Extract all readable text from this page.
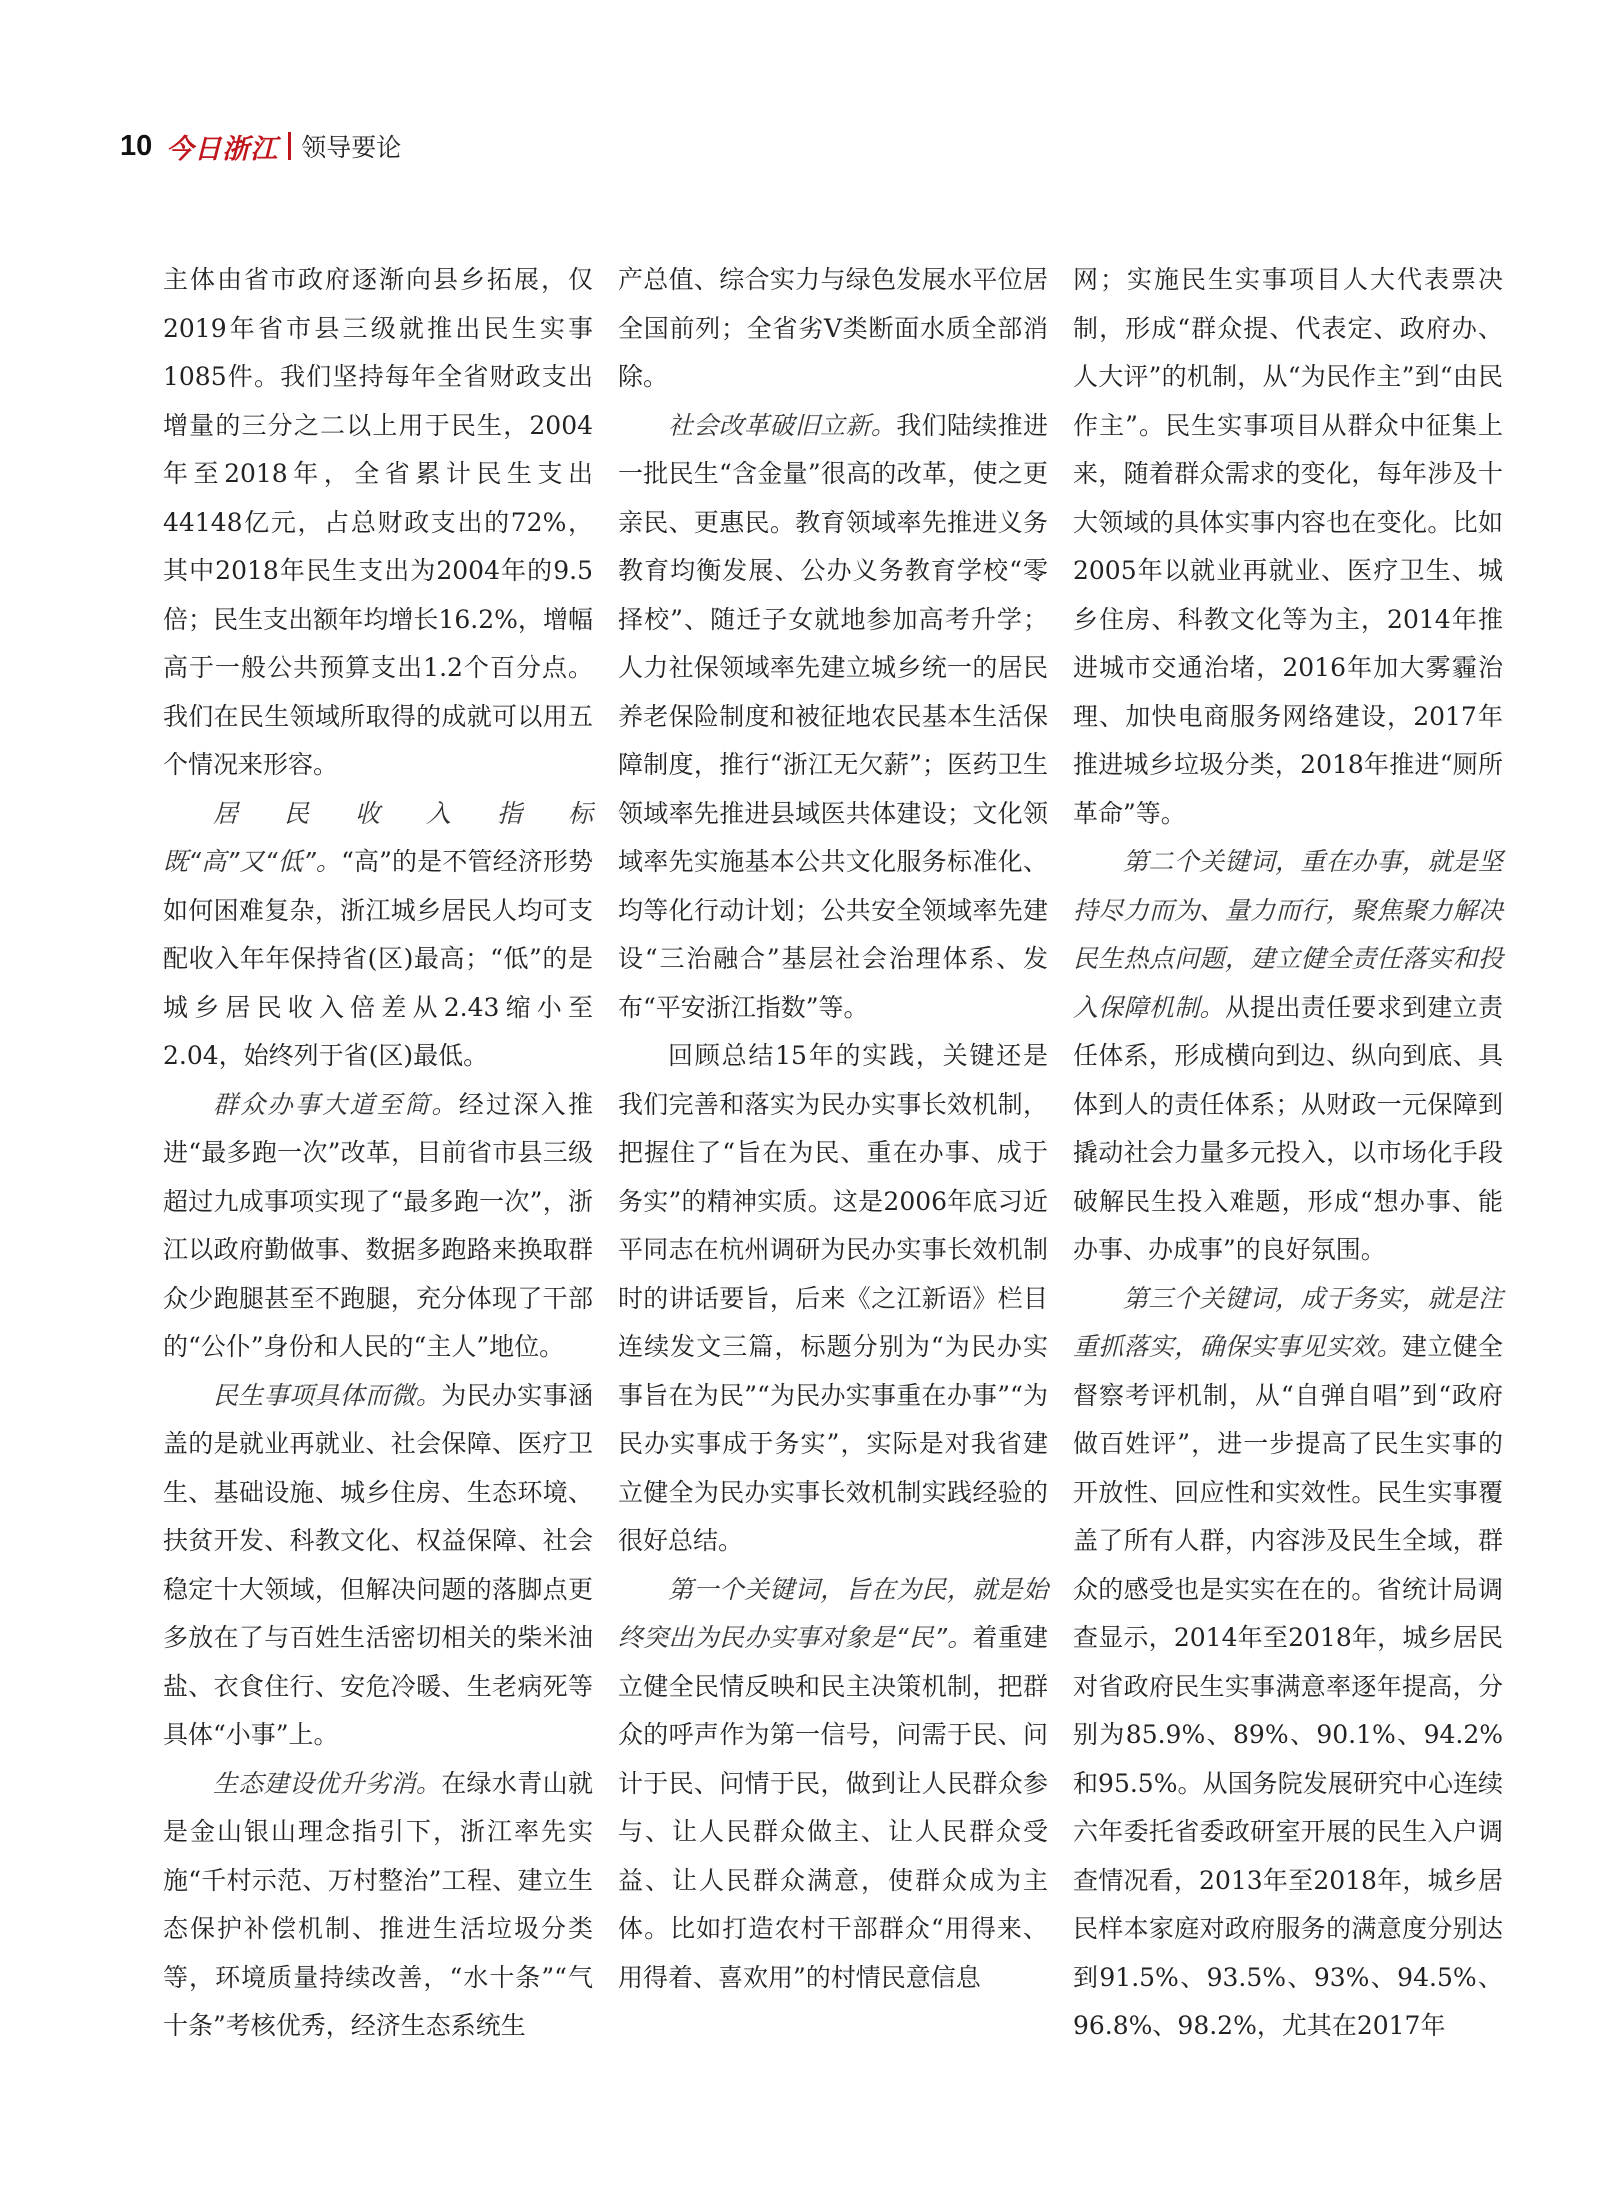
10 今日浙江 领导要论

主体由省市政府逐渐向县乡拓展，仅2019年省市县三级就推出民生实事1085件。我们坚持每年全省财政支出增量的三分之二以上用于民生，2004年至2018年，全省累计民生支出44148亿元，占总财政支出的72%，其中2018年民生支出为2004年的9.5倍；民生支出额年均增长16.2%，增幅高于一般公共预算支出1.2个百分点。我们在民生领域所取得的成就可以用五个情况来形容。

居民收入指标既“高”又“低”。“高”的是不管经济形势如何困难复杂，浙江城乡居民人均可支配收入年年保持省(区)最高；“低”的是城乡居民收入倍差从2.43缩小至2.04，始终列于省(区)最低。

群众办事大道至简。经过深入推进“最多跑一次”改革，目前省市县三级超过九成事项实现了“最多跑一次”，浙江以政府勤做事、数据多跑路来换取群众少跑腿甚至不跑腿，充分体现了干部的“公仆”身份和人民的“主人”地位。

民生事项具体而微。为民办实事涵盖的是就业再就业、社会保障、医疗卫生、基础设施、城乡住房、生态环境、扶贫开发、科教文化、权益保障、社会稳定十大领域，但解决问题的落脚点更多放在了与百姓生活密切相关的柴米油盐、衣食住行、安危冷暖、生老病死等具体“小事”上。

生态建设优升劣消。在绿水青山就是金山银山理念指引下，浙江率先实施“千村示范、万村整治”工程、建立生态保护补偿机制、推进生活垃圾分类等，环境质量持续改善，“水十条”“气十条”考核优秀，经济生态系统生

产总值、综合实力与绿色发展水平位居全国前列；全省劣Ⅴ类断面水质全部消除。

社会改革破旧立新。我们陆续推进一批民生“含金量”很高的改革，使之更亲民、更惠民。教育领域率先推进义务教育均衡发展、公办义务教育学校“零择校”、随迁子女就地参加高考升学；人力社保领域率先建立城乡统一的居民养老保险制度和被征地农民基本生活保障制度，推行“浙江无欠薪”；医药卫生领域率先推进县域医共体建设；文化领域率先实施基本公共文化服务标准化、均等化行动计划；公共安全领域率先建设“三治融合”基层社会治理体系、发布“平安浙江指数”等。

回顾总结15年的实践，关键还是我们完善和落实为民办实事长效机制，把握住了“旨在为民、重在办事、成于务实”的精神实质。这是2006年底习近平同志在杭州调研为民办实事长效机制时的讲话要旨，后来《之江新语》栏目连续发文三篇，标题分别为“为民办实事旨在为民”“为民办实事重在办事”“为民办实事成于务实”，实际是对我省建立健全为民办实事长效机制实践经验的很好总结。

第一个关键词，旨在为民，就是始终突出为民办实事对象是“民”。着重建立健全民情反映和民主决策机制，把群众的呼声作为第一信号，问需于民、问计于民、问情于民，做到让人民群众参与、让人民群众做主、让人民群众受益、让人民群众满意，使群众成为主体。比如打造农村干部群众“用得来、用得着、喜欢用”的村情民意信息

网；实施民生实事项目人大代表票决制，形成“群众提、代表定、政府办、人大评”的机制，从“为民作主”到“由民作主”。民生实事项目从群众中征集上来，随着群众需求的变化，每年涉及十大领域的具体实事内容也在变化。比如2005年以就业再就业、医疗卫生、城乡住房、科教文化等为主，2014年推进城市交通治堵，2016年加大雾霾治理、加快电商服务网络建设，2017年推进城乡垃圾分类，2018年推进“厕所革命”等。

第二个关键词，重在办事，就是坚持尽力而为、量力而行，聚焦聚力解决民生热点问题，建立健全责任落实和投入保障机制。从提出责任要求到建立责任体系，形成横向到边、纵向到底、具体到人的责任体系；从财政一元保障到撬动社会力量多元投入，以市场化手段破解民生投入难题，形成“想办事、能办事、办成事”的良好氛围。

第三个关键词，成于务实，就是注重抓落实，确保实事见实效。建立健全督察考评机制，从“自弹自唱”到“政府做百姓评”，进一步提高了民生实事的开放性、回应性和实效性。民生实事覆盖了所有人群，内容涉及民生全域，群众的感受也是实实在在的。省统计局调查显示，2014年至2018年，城乡居民对省政府民生实事满意率逐年提高，分别为85.9%、89%、90.1%、94.2%和95.5%。从国务院发展研究中心连续六年委托省委政研室开展的民生入户调查情况看，2013年至2018年，城乡居民样本家庭对政府服务的满意度分别达到91.5%、93.5%、93%、94.5%、96.8%、98.2%，尤其在2017年
